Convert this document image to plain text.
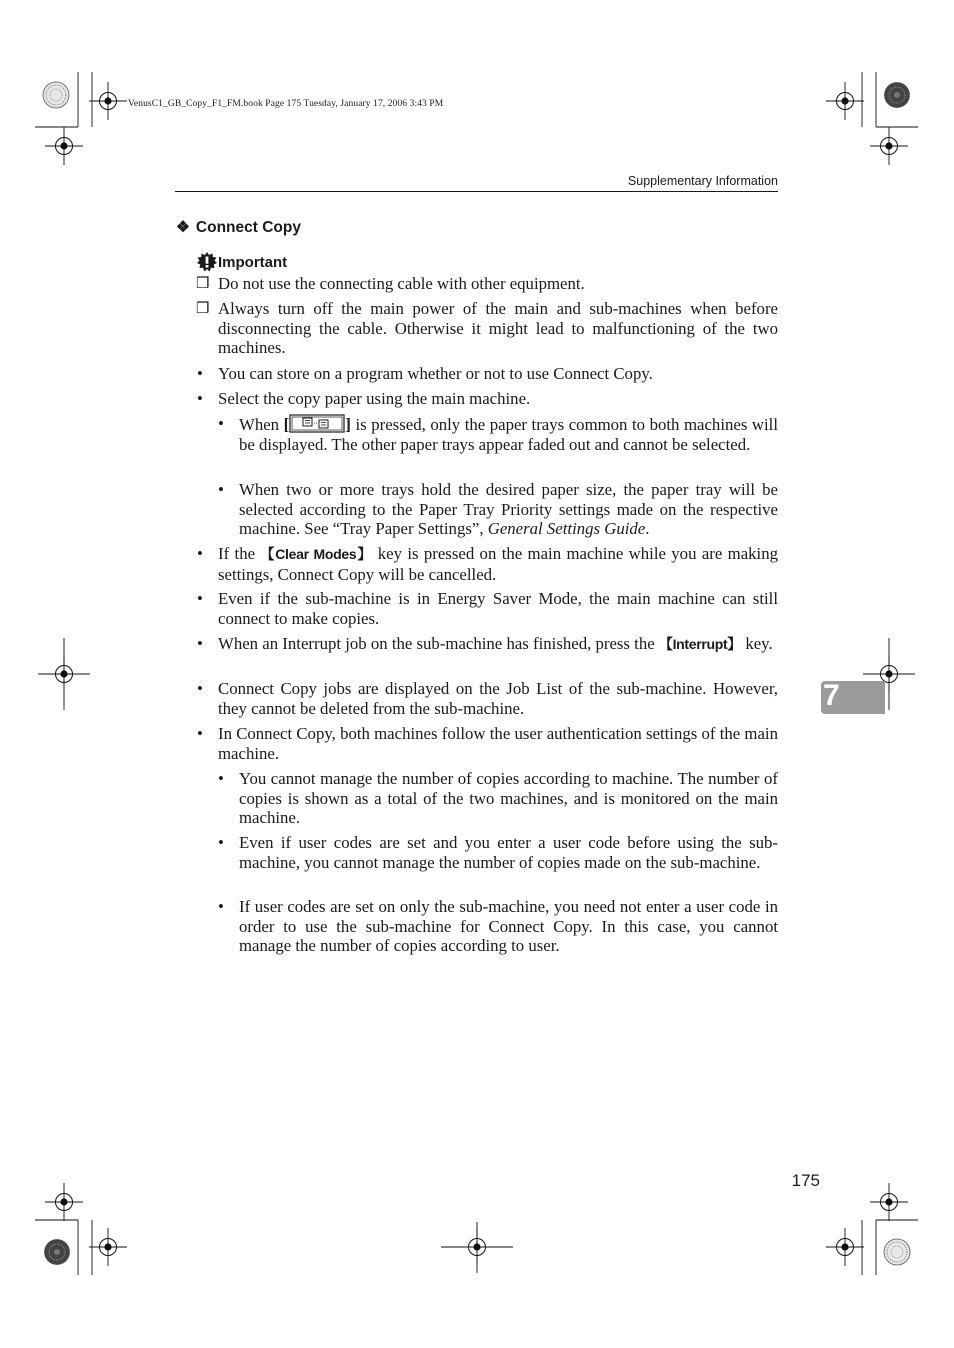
VenusC1_GB_Copy_F1_FM.book Page 175 Tuesday, January 17, 2006 3:43 PM
Supplementary Information
❖ Connect Copy
Important
❒ Do not use the connecting cable with other equipment.
❒ Always turn off the main power of the main and sub-machines when before disconnecting the cable. Otherwise it might lead to malfunctioning of the two machines.
• You can store on a program whether or not to use Connect Copy.
• Select the copy paper using the main machine.
• When [	] is pressed, only the paper trays common to both machines will be displayed. The other paper trays appear faded out and cannot be selected.
• When two or more trays hold the desired paper size, the paper tray will be selected according to the Paper Tray Priority settings made on the respective machine. See “Tray Paper Settings”, General Settings Guide.
• If the 【Clear Modes】 key is pressed on the main machine while you are making settings, Connect Copy will be cancelled.
• Even if the sub-machine is in Energy Saver Mode, the main machine can still connect to make copies.
• When an Interrupt job on the sub-machine has finished, press the 【Interrupt】 key.
• Connect Copy jobs are displayed on the Job List of the sub-machine. However, they cannot be deleted from the sub-machine.
• In Connect Copy, both machines follow the user authentication settings of the main machine.
• You cannot manage the number of copies according to machine. The number of copies is shown as a total of the two machines, and is monitored on the main machine.
• Even if user codes are set and you enter a user code before using the sub-machine, you cannot manage the number of copies made on the sub-machine.
• If user codes are set on only the sub-machine, you need not enter a user code in order to use the sub-machine for Connect Copy. In this case, you cannot manage the number of copies according to user.
7
175
